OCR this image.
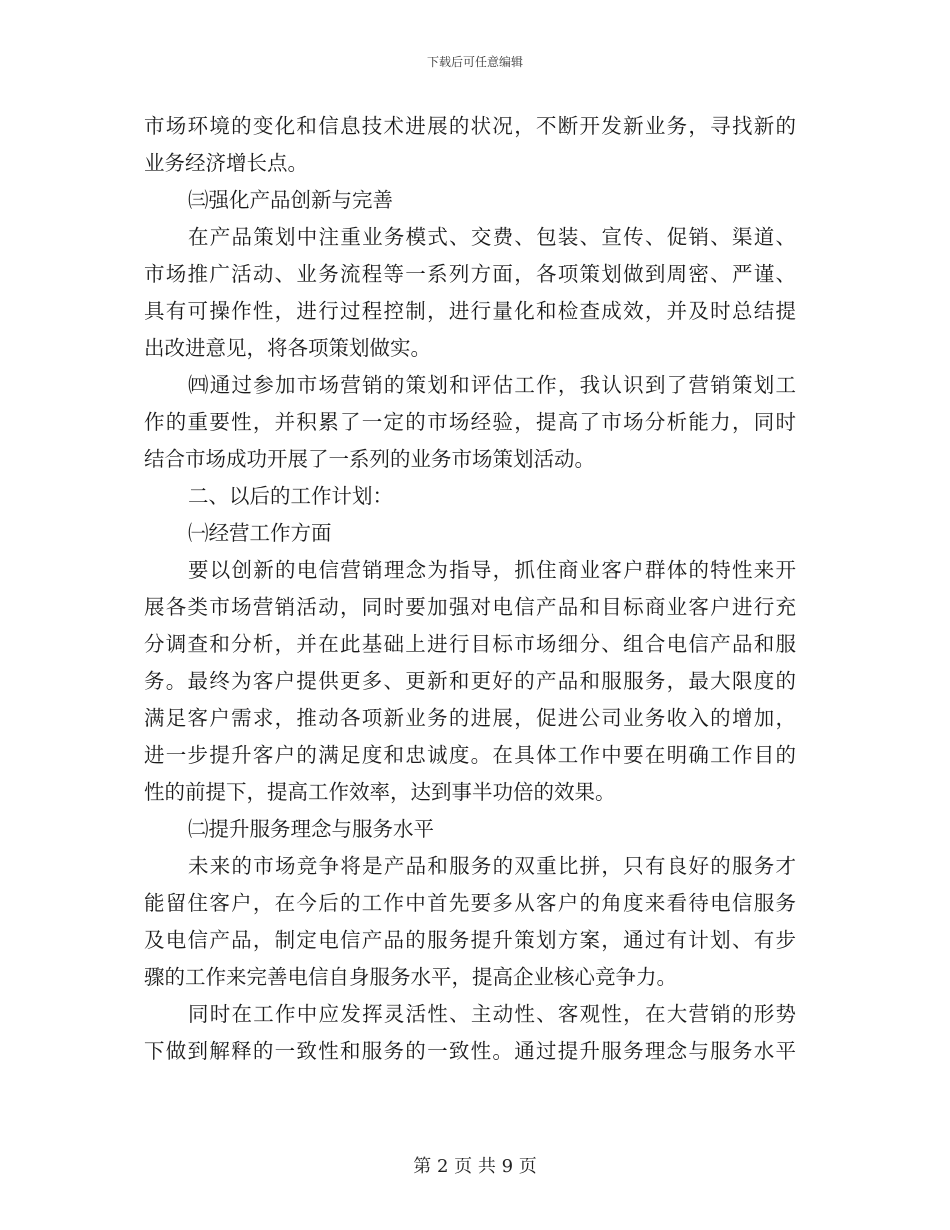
下载后可任意编辑
市场环境的变化和信息技术进展的状况，不断开发新业务，寻找新的
业务经济增长点。
㈢强化产品创新与完善
在产品策划中注重业务模式、交费、包装、宣传、促销、渠道、
市场推广活动、业务流程等一系列方面，各项策划做到周密、严谨、
具有可操作性，进行过程控制，进行量化和检查成效，并及时总结提
出改进意见，将各项策划做实。
㈣通过参加市场营销的策划和评估工作，我认识到了营销策划工
作的重要性，并积累了一定的市场经验，提高了市场分析能力，同时
结合市场成功开展了一系列的业务市场策划活动。
二、以后的工作计划：
㈠经营工作方面
要以创新的电信营销理念为指导，抓住商业客户群体的特性来开
展各类市场营销活动，同时要加强对电信产品和目标商业客户进行充
分调查和分析，并在此基础上进行目标市场细分、组合电信产品和服
务。最终为客户提供更多、更新和更好的产品和服服务，最大限度的
满足客户需求，推动各项新业务的进展，促进公司业务收入的增加，
进一步提升客户的满足度和忠诚度。在具体工作中要在明确工作目的
性的前提下，提高工作效率，达到事半功倍的效果。
㈡提升服务理念与服务水平
未来的市场竞争将是产品和服务的双重比拼，只有良好的服务才
能留住客户，在今后的工作中首先要多从客户的角度来看待电信服务
及电信产品，制定电信产品的服务提升策划方案，通过有计划、有步
骤的工作来完善电信自身服务水平，提高企业核心竞争力。
同时在工作中应发挥灵活性、主动性、客观性，在大营销的形势
下做到解释的一致性和服务的一致性。通过提升服务理念与服务水平
第 2 页 共 9 页
